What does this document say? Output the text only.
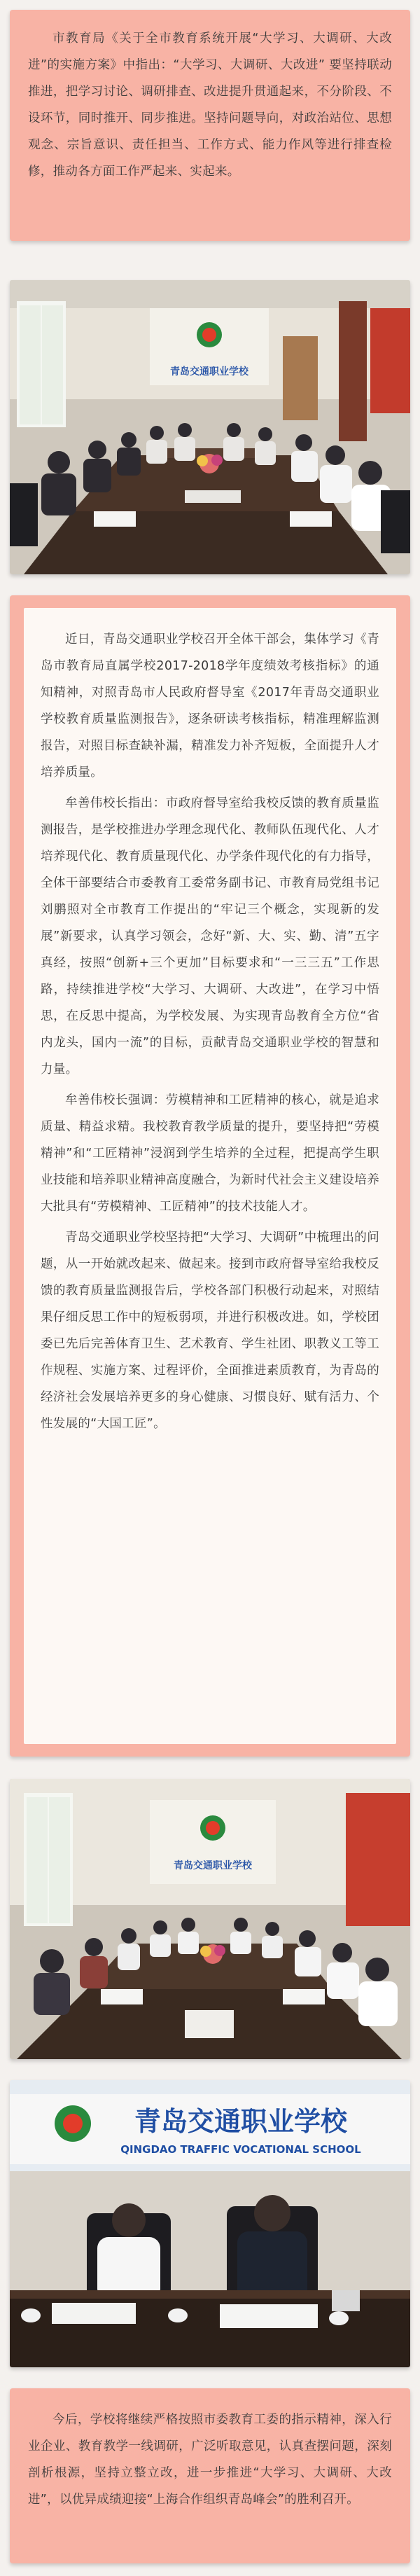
市教育局《关于全市教育系统开展“大学习、大调研、大改进”的实施方案》中指出：“大学习、大调研、大改进” 要坚持联动推进，把学习讨论、调研排查、改进提升贯通起来，不分阶段、不设环节，同时推开、同步推进。坚持问题导向，对政治站位、思想观念、宗旨意识、责任担当、工作方式、能力作风等进行排查检修，推动各方面工作严起来、实起来。

青岛交通职业学校

近日，青岛交通职业学校召开全体干部会，集体学习《青岛市教育局直属学校2017-2018学年度绩效考核指标》的通知精神，对照青岛市人民政府督导室《2017年青岛交通职业学校教育质量监测报告》，逐条研读考核指标，精准理解监测报告，对照目标查缺补漏，精准发力补齐短板，全面提升人才培养质量。

牟善伟校长指出：市政府督导室给我校反馈的教育质量监测报告，是学校推进办学理念现代化、教师队伍现代化、人才培养现代化、教育质量现代化、办学条件现代化的有力指导，全体干部要结合市委教育工委常务副书记、市教育局党组书记刘鹏照对全市教育工作提出的“牢记三个概念，实现新的发展”新要求，认真学习领会，念好“新、大、实、勤、清”五字真经，按照“创新+三个更加”目标要求和“一三三五”工作思路，持续推进学校“大学习、大调研、大改进”，在学习中悟思，在反思中提高，为学校发展、为实现青岛教育全方位“省内龙头，国内一流”的目标，贡献青岛交通职业学校的智慧和力量。

牟善伟校长强调：劳模精神和工匠精神的核心，就是追求质量、精益求精。我校教育教学质量的提升，要坚持把“劳模精神”和“工匠精神”浸润到学生培养的全过程，把提高学生职业技能和培养职业精神高度融合，为新时代社会主义建设培养大批具有“劳模精神、工匠精神”的技术技能人才。

青岛交通职业学校坚持把“大学习、大调研”中梳理出的问题，从一开始就改起来、做起来。接到市政府督导室给我校反馈的教育质量监测报告后，学校各部门积极行动起来，对照结果仔细反思工作中的短板弱项，并进行积极改进。如，学校团委已先后完善体育卫生、艺术教育、学生社团、职教义工等工作规程、实施方案、过程评价，全面推进素质教育，为青岛的经济社会发展培养更多的身心健康、习惯良好、赋有活力、个性发展的“大国工匠”。

青岛交通职业学校
青岛交通职业学校
QINGDAO TRAFFIC VOCATIONAL SCHOOL

今后，学校将继续严格按照市委教育工委的指示精神，深入行业企业、教育教学一线调研，广泛听取意见，认真查摆问题，深刻剖析根源，坚持立整立改，进一步推进“大学习、大调研、大改进”，以优异成绩迎接“上海合作组织青岛峰会”的胜利召开。
